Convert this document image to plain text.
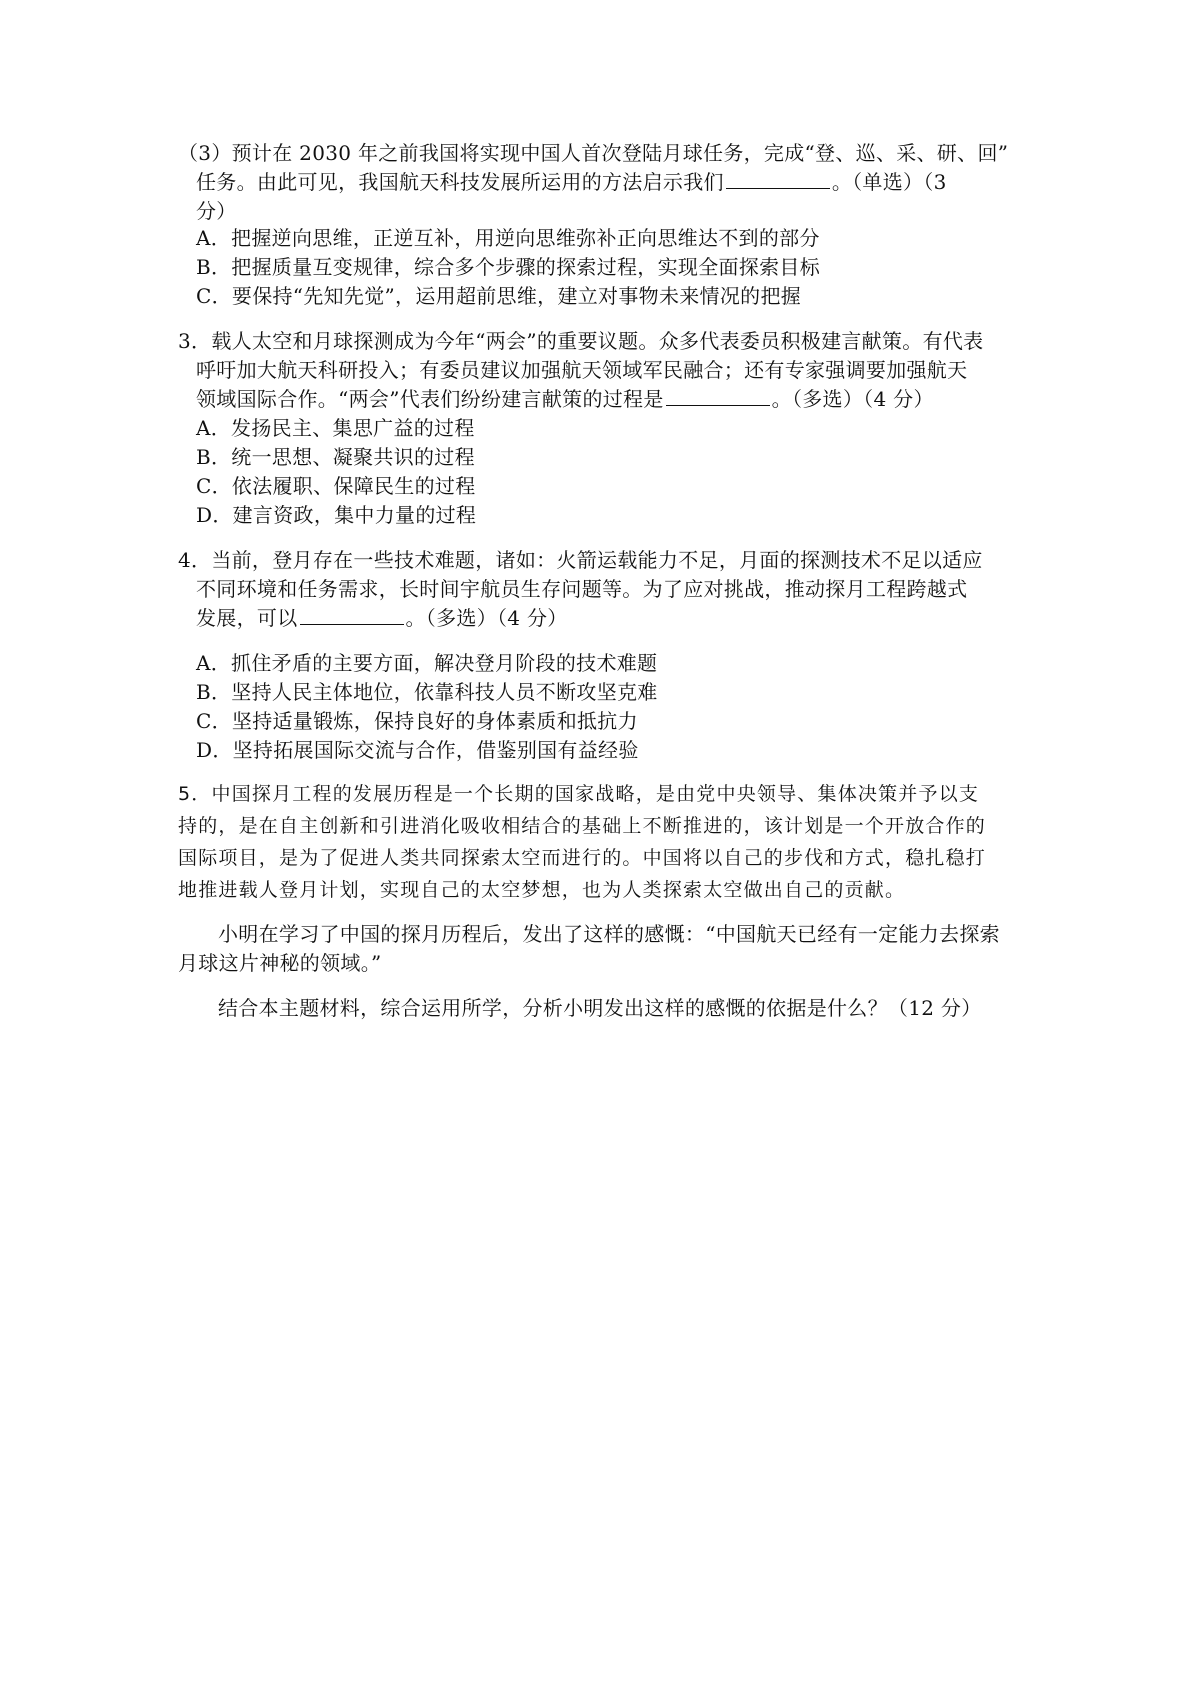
（3）预计在 2030 年之前我国将实现中国人首次登陆月球任务，完成“登、巡、采、研、回”
任务。由此可见，我国航天科技发展所运用的方法启示我们	。（单选）（3
分）
A．把握逆向思维，正逆互补，用逆向思维弥补正向思维达不到的部分
B．把握质量互变规律，综合多个步骤的探索过程，实现全面探索目标
C．要保持“先知先觉”，运用超前思维，建立对事物未来情况的把握
3．载人太空和月球探测成为今年“两会”的重要议题。众多代表委员积极建言献策。有代表
呼吁加大航天科研投入；有委员建议加强航天领域军民融合；还有专家强调要加强航天
领域国际合作。“两会”代表们纷纷建言献策的过程是	。（多选）（4 分）
A．发扬民主、集思广益的过程
B．统一思想、凝聚共识的过程
C．依法履职、保障民生的过程
D．建言资政，集中力量的过程
4．当前，登月存在一些技术难题，诸如：火箭运载能力不足，月面的探测技术不足以适应
不同环境和任务需求，长时间宇航员生存问题等。为了应对挑战，推动探月工程跨越式
发展，可以	。（多选）（4 分）
A．抓住矛盾的主要方面，解决登月阶段的技术难题
B．坚持人民主体地位，依靠科技人员不断攻坚克难
C．坚持适量锻炼，保持良好的身体素质和抵抗力
D．坚持拓展国际交流与合作，借鉴别国有益经验
5．中国探月工程的发展历程是一个长期的国家战略，是由党中央领导、集体决策并予以支
持的，是在自主创新和引进消化吸收相结合的基础上不断推进的，该计划是一个开放合作的
国际项目，是为了促进人类共同探索太空而进行的。中国将以自己的步伐和方式，稳扎稳打
地推进载人登月计划，实现自己的太空梦想，也为人类探索太空做出自己的贡献。
小明在学习了中国的探月历程后，发出了这样的感慨：“中国航天已经有一定能力去探索
月球这片神秘的领域。”
结合本主题材料，综合运用所学，分析小明发出这样的感慨的依据是什么？（12 分）
